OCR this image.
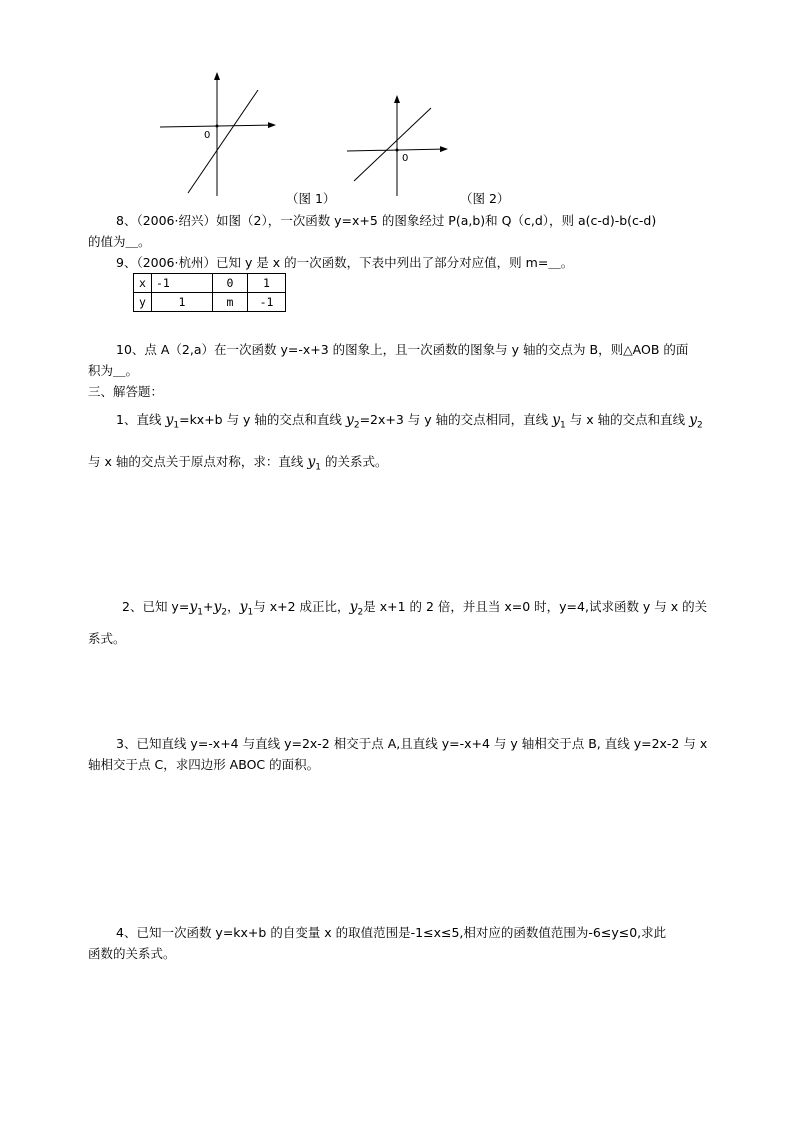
0
0
（图 1）	（图 2）
8、（2006·绍兴）如图（2），一次函数 y=x+5 的图象经过 P(a,b)和 Q（c,d），则 a(c-d)-b(c-d)
的值为＿。
9、（2006·杭州）已知 y 是 x 的一次函数，下表中列出了部分对应值，则 m=＿。
x	-1	0	1
y	1	m	-1
10、点 A（2,a）在一次函数 y=-x+3 的图象上，且一次函数的图象与 y 轴的交点为 B，则△AOB 的面
积为＿。
三、解答题：
1、直线 $y_1=kx+b$ 与 y 轴的交点和直线 $y_2=2x+3$ 与 y 轴的交点相同，直线 $y_1$ 与 x 轴的交点和直线 $y_2$
与 x 轴的交点关于原点对称，求：直线 $y_1$ 的关系式。
2、已知 $y=y_1+y_2$，$y_1$与 x+2 成正比，$y_2$是 x+1 的 2 倍，并且当 x=0 时，y=4,试求函数 y 与 x 的关
系式。
3、已知直线 y=-x+4 与直线 y=2x-2 相交于点 A,且直线 y=-x+4 与 y 轴相交于点 B, 直线 y=2x-2 与 x
轴相交于点 C，求四边形 ABOC 的面积。
4、已知一次函数 y=kx+b 的自变量 x 的取值范围是-1≤x≤5,相对应的函数值范围为-6≤y≤0,求此
函数的关系式。
